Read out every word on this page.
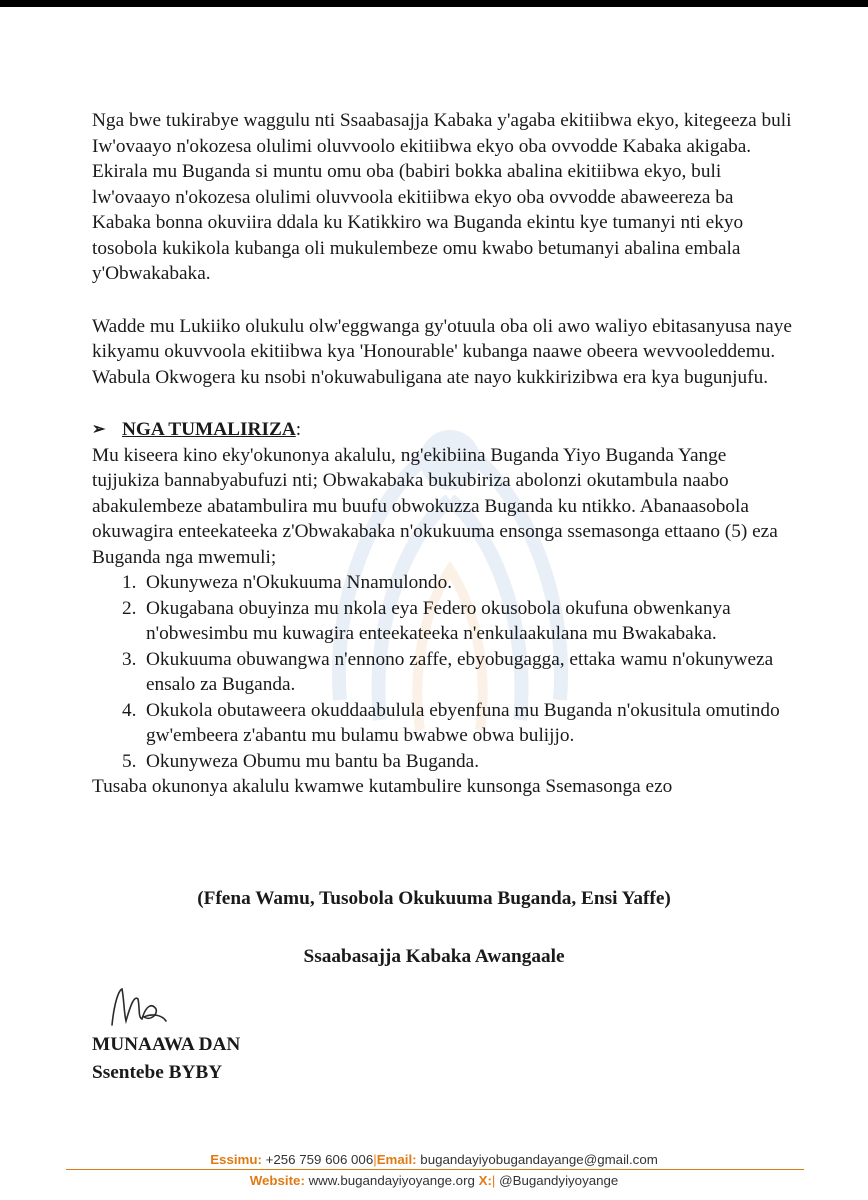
Nga bwe tukirabye waggulu nti Ssaabasajja Kabaka y'agaba ekitiibwa ekyo, kitegeeza buli Iw'ovaayo n'okozesa olulimi oluvvoolo ekitiibwa ekyo oba ovvodde Kabaka akigaba. Ekirala mu Buganda si muntu omu oba (babiri bokka abalina ekitiibwa ekyo, buli lw'ovaayo n'okozesa olulimi oluvvoola ekitiibwa ekyo oba ovvodde abaweereza ba Kabaka bonna okuviira ddala ku Katikkiro wa Buganda ekintu kye tumanyi nti ekyo tosobola kukikola kubanga oli mukulembeze omu kwabo betumanyi abalina embala y'Obwakabaka.

Wadde mu Lukiiko olukulu olw'eggwanga gy'otuula oba oli awo waliyo ebitasanyusa naye kikyamu okuvvoola ekitiibwa kya 'Honourable' kubanga naawe obeera wevvooleddemu. Wabula Okwogera ku nsobi n'okuwabuligana ate nayo kukkirizibwa era kya bugunjufu.

➢ NGA TUMALIRIZA:

Mu kiseera kino eky'okunonya akalulu, ng'ekibiina Buganda Yiyo Buganda Yange tujjukiza bannabyabufuzi nti; Obwakabaka bukubiriza abolonzi okutambula naabo abakulembeze abatambulira mu buufu obwokuzza Buganda ku ntikko. Abanaasobola okuwagira enteekateeka z'Obwakabaka n'okukuuma ensonga ssemasonga ettaano (5) eza Buganda nga mwemuli;

1. Okunyweza n'Okukuuma Nnamulondo.
2. Okugabana obuyinza mu nkola eya Federo okusobola okufuna obwenkanya n'obwesimbu mu kuwagira enteekateeka n'enkulaakulana mu Bwakabaka.
3. Okukuuma obuwangwa n'ennono zaffe, ebyobugagga, ettaka wamu n'okunyweza ensalo za Buganda.
4. Okukola obutaweera okuddaabulula ebyenfuna mu Buganda n'okusitula omutindo gw'embeera z'abantu mu bulamu bwabwe obwa bulijjo.
5. Okunyweza Obumu mu bantu ba Buganda.

Tusaba okunonya akalulu kwamwe kutambulire kunsonga Ssemasonga ezo

(Ffena Wamu, Tusobola Okukuuma Buganda, Ensi Yaffe)
Ssaabasajja Kabaka Awangaale
MUNAAWA DAN
Ssentebe BYBY
Essimu: +256 759 606 006|Email: bugandayiyobugandayange@gmail.com
Website: www.bugandayiyoyange.org X:| @Bugandyiyoyange
